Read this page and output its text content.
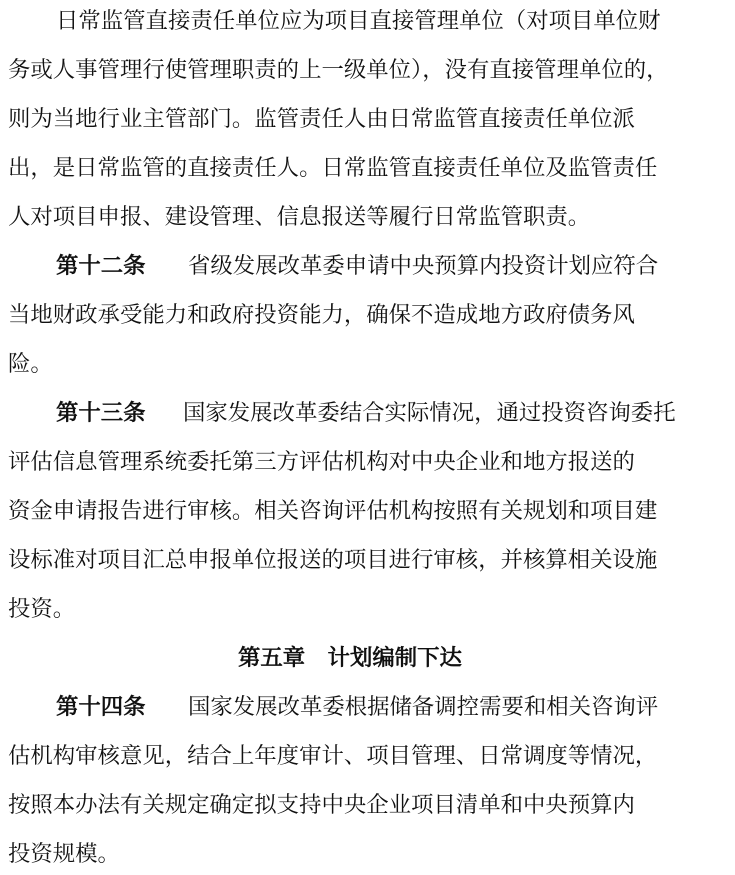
日常监管直接责任单位应为项目直接管理单位（对项目单位财
务或人事管理行使管理职责的上一级单位），没有直接管理单位的，
则为当地行业主管部门。监管责任人由日常监管直接责任单位派
出，是日常监管的直接责任人。日常监管直接责任单位及监管责任
人对项目申报、建设管理、信息报送等履行日常监管职责。
第十二条 省级发展改革委申请中央预算内投资计划应符合
当地财政承受能力和政府投资能力，确保不造成地方政府债务风
险。
第十三条 国家发展改革委结合实际情况，通过投资咨询委托
评估信息管理系统委托第三方评估机构对中央企业和地方报送的
资金申请报告进行审核。相关咨询评估机构按照有关规划和项目建
设标准对项目汇总申报单位报送的项目进行审核，并核算相关设施
投资。
第五章　计划编制下达
第十四条 国家发展改革委根据储备调控需要和相关咨询评
估机构审核意见，结合上年度审计、项目管理、日常调度等情况，
按照本办法有关规定确定拟支持中央企业项目清单和中央预算内
投资规模。
